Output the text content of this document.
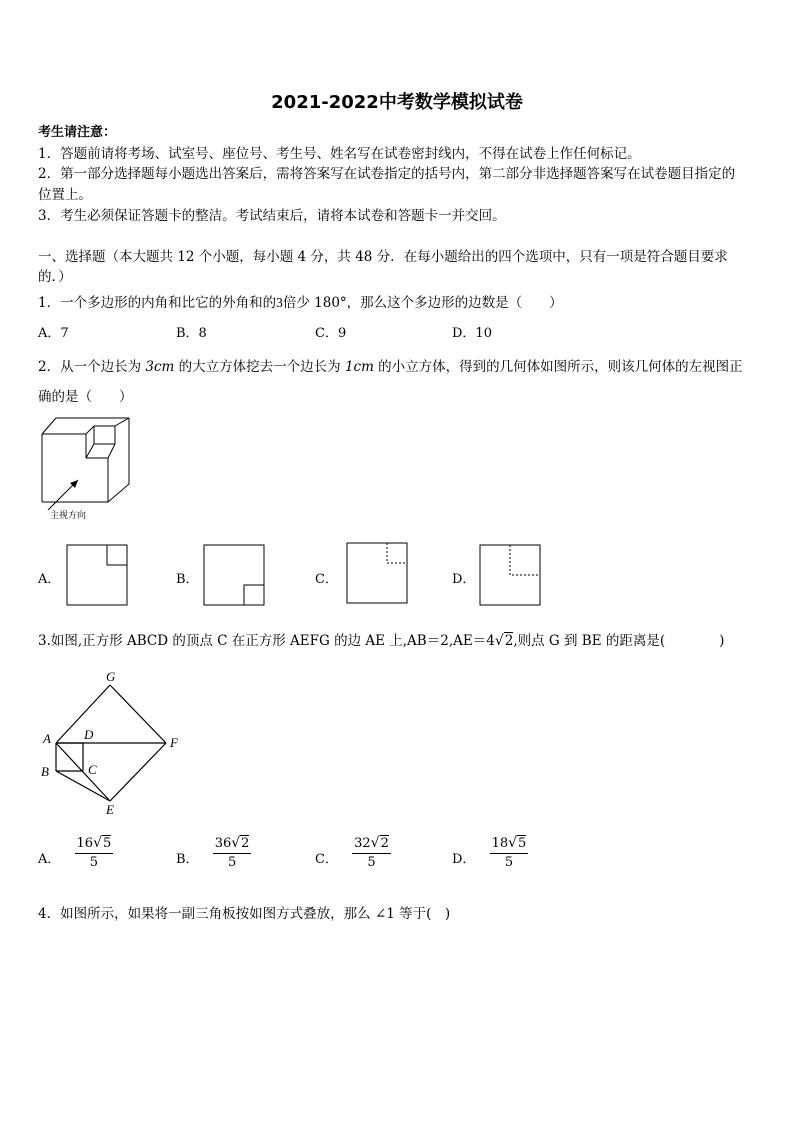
2021-2022中考数学模拟试卷
考生请注意：
1．答题前请将考场、试室号、座位号、考生号、姓名写在试卷密封线内，不得在试卷上作任何标记。
2．第一部分选择题每小题选出答案后，需将答案写在试卷指定的括号内，第二部分非选择题答案写在试卷题目指定的
位置上。
3．考生必须保证答题卡的整洁。考试结束后，请将本试卷和答题卡一并交回。
一、选择题（本大题共 12 个小题，每小题 4 分，共 48 分．在每小题给出的四个选项中，只有一项是符合题目要求
的．）
1．一个多边形的内角和比它的外角和的3倍少 180°，那么这个多边形的边数是（　　）
A．7	B．8	C．9	D．10
2．从一个边长为 3cm 的大立方体挖去一个边长为 1cm 的小立方体，得到的几何体如图所示，则该几何体的左视图正
确的是（　　）
主视方向
A．	B．	C．	D．
3.如图,正方形 ABCD 的顶点 C 在正方形 AEFG 的边 AE 上,AB＝2,AE＝4√2,则点 G 到 BE 的距离是(　　　　)
G
A	D
F
B	C
E
A． $\frac{16√5}{5}$	B． $\frac{36√2}{5}$	C． $\frac{32√2}{5}$	D． $\frac{18√5}{5}$
4．如图所示，如果将一副三角板按如图方式叠放，那么 ∠1 等于(　)
